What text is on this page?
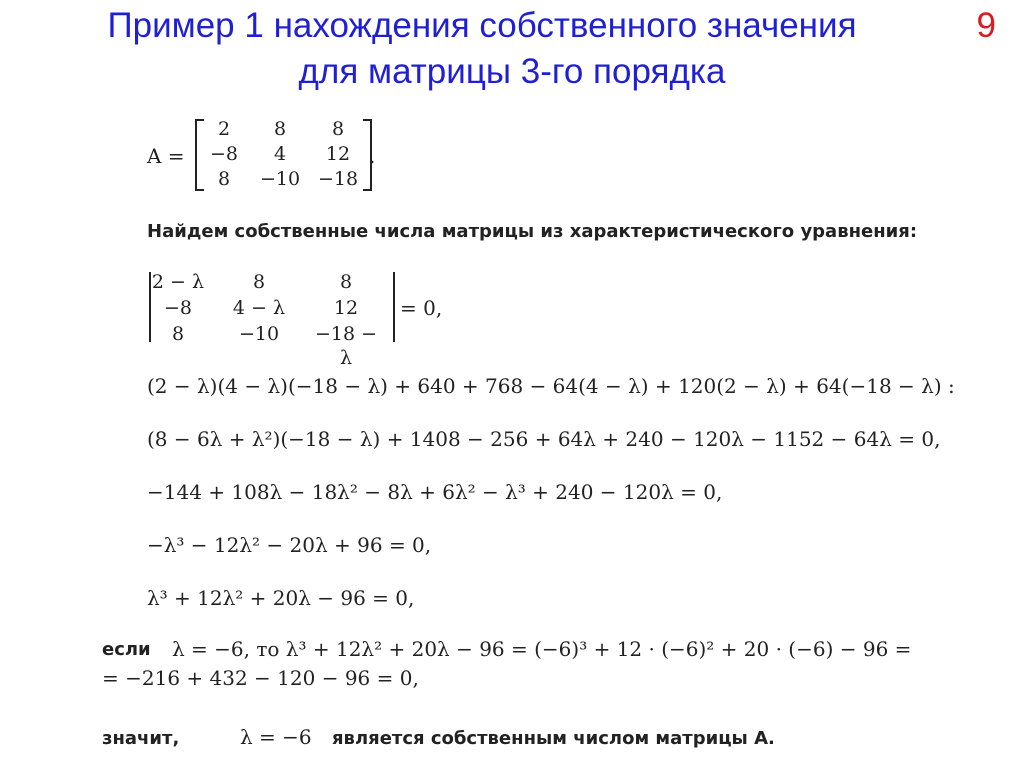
Пример 1 нахождения собственного значения
для матрицы 3-го порядка
9
A =
2	8	8
−8	4	12
8	−10 −18
.
Найдем собственные числа матрицы из характеристического уравнения:
2 − λ	8	8
−8	4 − λ	12
8	−10	−18 − λ
= 0,
(2 − λ)(4 − λ)(−18 − λ) + 640 + 768 − 64(4 − λ) + 120(2 − λ) + 64(−18 − λ) :
(8 − 6λ + λ²)(−18 − λ) + 1408 − 256 + 64λ + 240 − 120λ − 1152 − 64λ = 0,
−144 + 108λ − 18λ² − 8λ + 6λ² − λ³ + 240 − 120λ = 0,
−λ³ − 12λ² − 20λ + 96 = 0,
λ³ + 12λ² + 20λ − 96 = 0,
если λ = −6, то λ³ + 12λ² + 20λ − 96 = (−6)³ + 12 · (−6)² + 20 · (−6) − 96 =
= −216 + 432 − 120 − 96 = 0,
значит,	λ = −6 является собственным числом матрицы А.
